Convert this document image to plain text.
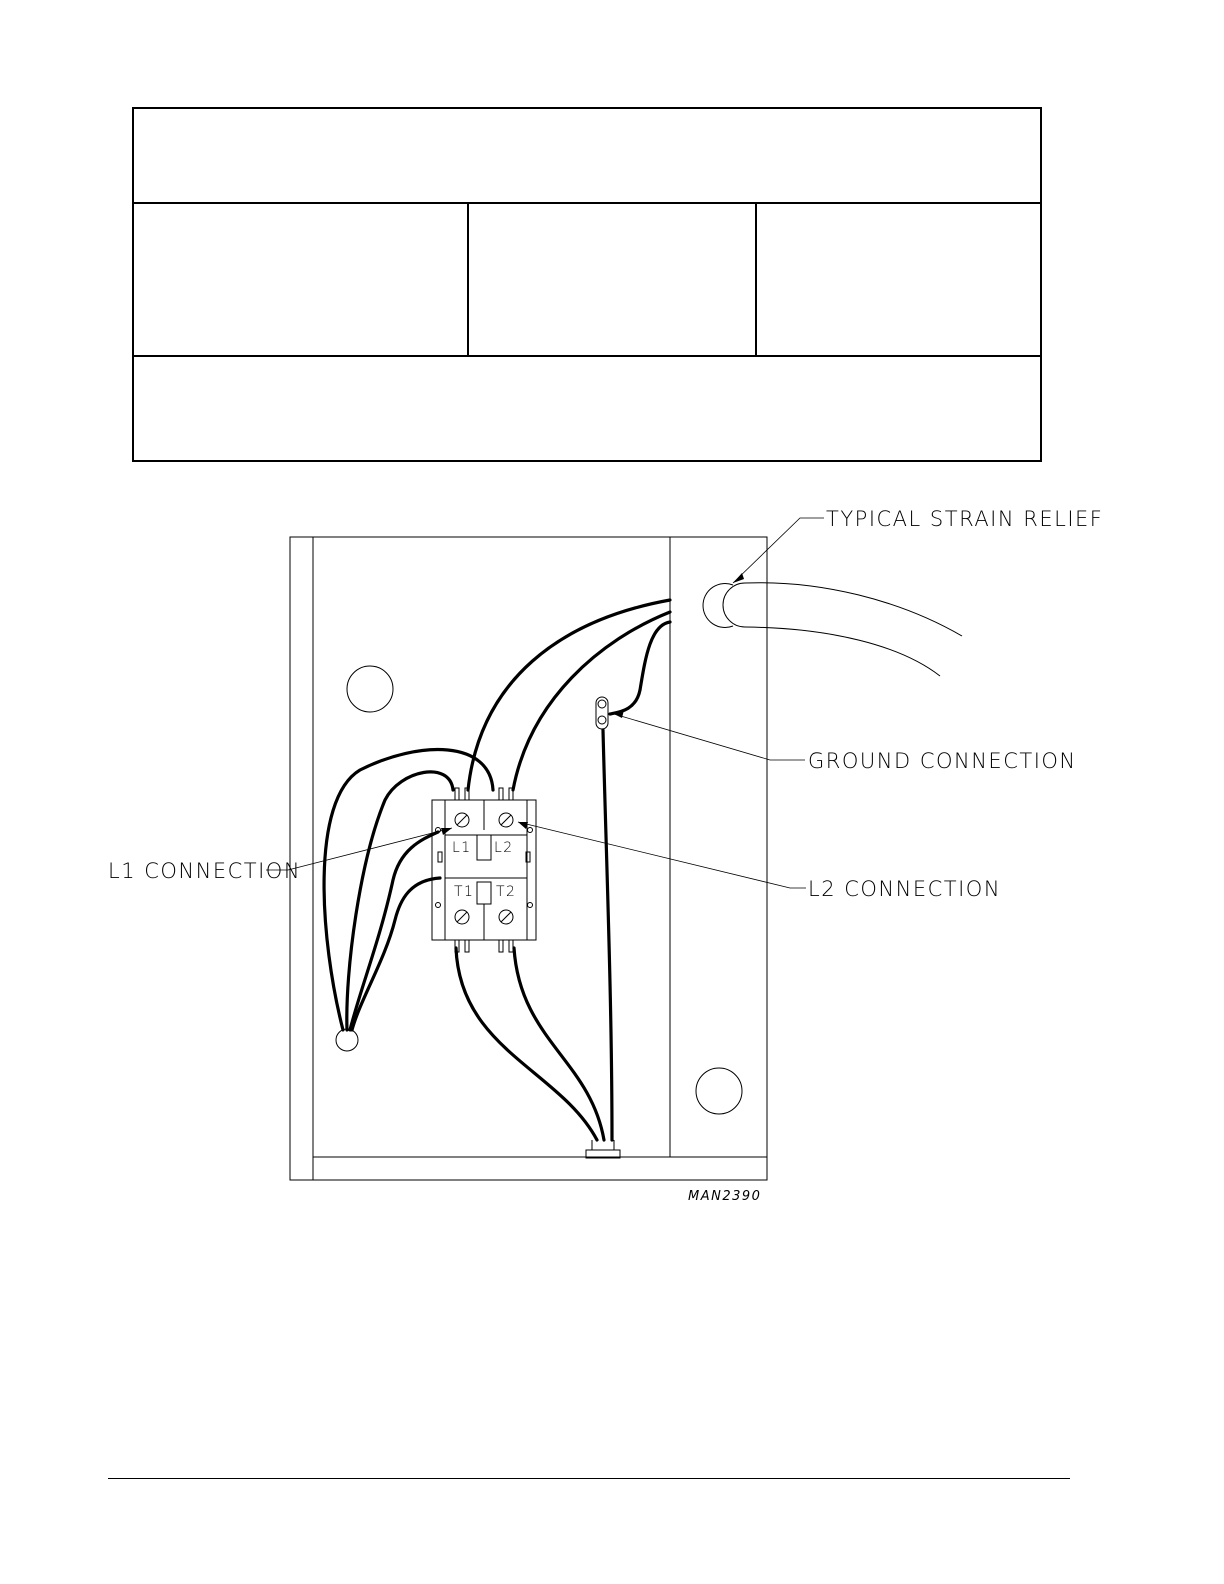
L1 L2
T1 T2
TYPICAL STRAIN RELIEF
GROUND CONNECTION
L1 CONNECTION
L2 CONNECTION
MAN2390
